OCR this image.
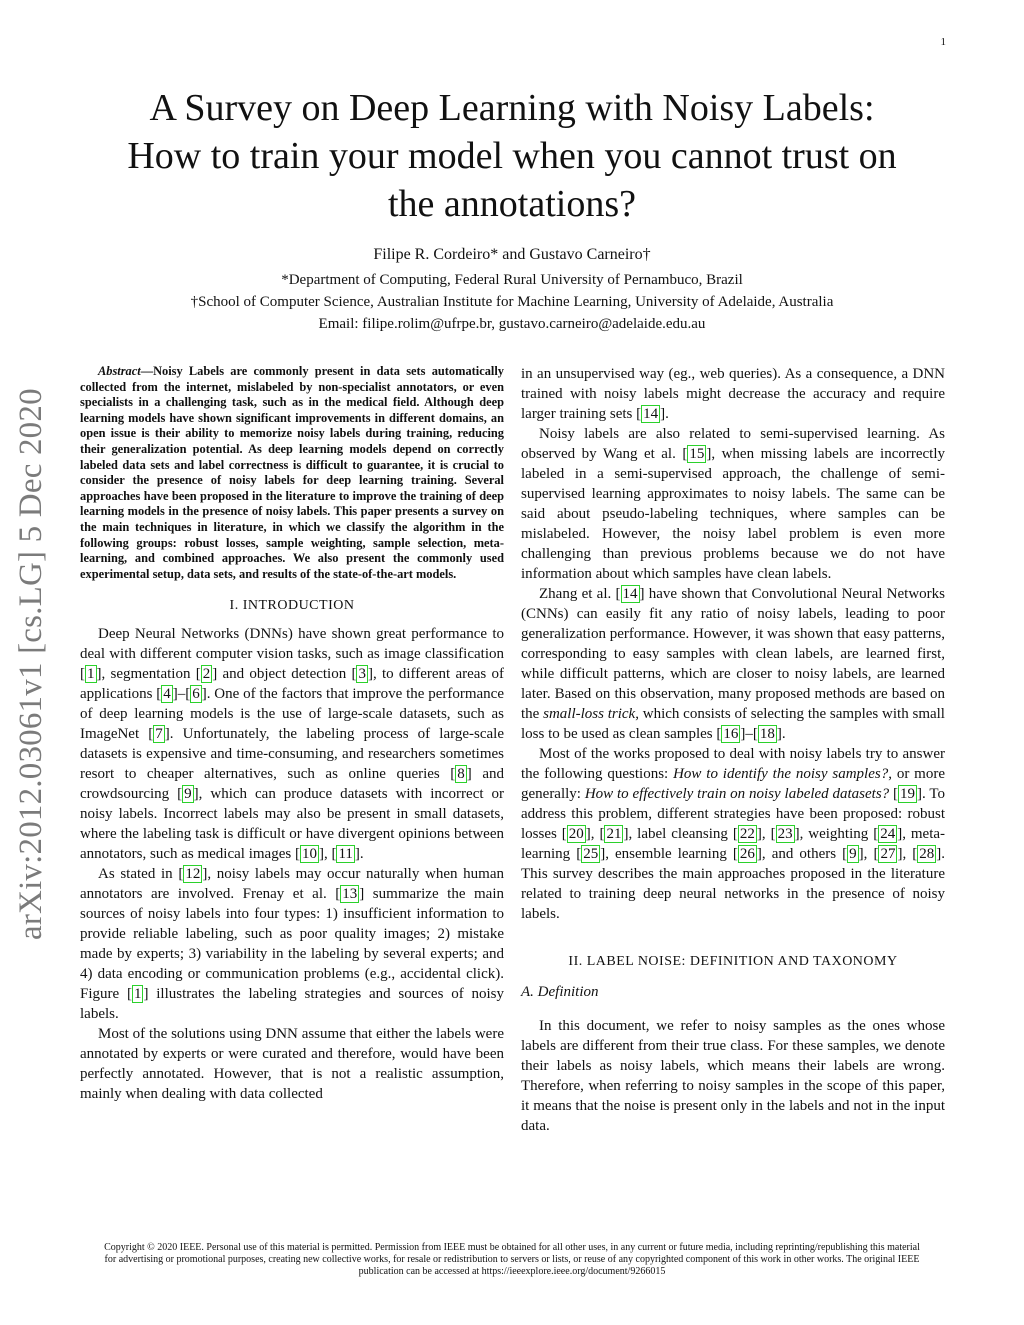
1
arXiv:2012.03061v1 [cs.LG] 5 Dec 2020
A Survey on Deep Learning with Noisy Labels:
How to train your model when you cannot trust on
the annotations?
Filipe R. Cordeiro* and Gustavo Carneiro†
*Department of Computing, Federal Rural University of Pernambuco, Brazil
†School of Computer Science, Australian Institute for Machine Learning, University of Adelaide, Australia
Email: filipe.rolim@ufrpe.br, gustavo.carneiro@adelaide.edu.au

Abstract—Noisy Labels are commonly present in data sets automatically collected from the internet, mislabeled by non-specialist annotators, or even specialists in a challenging task, such as in the medical field. Although deep learning models have shown significant improvements in different domains, an open issue is their ability to memorize noisy labels during training, reducing their generalization potential. As deep learning models depend on correctly labeled data sets and label correctness is difficult to guarantee, it is crucial to consider the presence of noisy labels for deep learning training. Several approaches have been proposed in the literature to improve the training of deep learning models in the presence of noisy labels. This paper presents a survey on the main techniques in literature, in which we classify the algorithm in the following groups: robust losses, sample weighting, sample selection, meta-learning, and combined approaches. We also present the commonly used experimental setup, data sets, and results of the state-of-the-art models.

I. INTRODUCTION

Deep Neural Networks (DNNs) have shown great performance to deal with different computer vision tasks, such as image classification [ 1 ] , segmentation [ 2 ] and object detection [ 3 ] , to different areas of applications [ 4 ] – [ 6 ] . One of the factors that improve the performance of deep learning models is the use of large-scale datasets, such as ImageNet [ 7 ] . Unfortunately, the labeling process of large-scale datasets is expensive and time-consuming, and researchers sometimes resort to cheaper alternatives, such as online queries [ 8 ] and crowdsourcing [ 9 ] , which can produce datasets with incorrect or noisy labels. Incorrect labels may also be present in small datasets, where the labeling task is difficult or have divergent opinions between annotators, such as medical images [ 10 ] , [ 11 ] .

As stated in [ 12 ] , noisy labels may occur naturally when human annotators are involved. Frenay et al. [ 13 ] summarize the main sources of noisy labels into four types: 1) insufficient information to provide reliable labeling, such as poor quality images; 2) mistake made by experts; 3) variability in the labeling by several experts; and 4) data encoding or communication problems (e.g., accidental click). Figure [ 1 ] illustrates the labeling strategies and sources of noisy labels.

Most of the solutions using DNN assume that either the labels were annotated by experts or were curated and therefore, would have been perfectly annotated. However, that is not a realistic assumption, mainly when dealing with data collected

in an unsupervised way (eg., web queries). As a consequence, a DNN trained with noisy labels might decrease the accuracy and require larger training sets [ 14 ] .

Noisy labels are also related to semi-supervised learning. As observed by Wang et al. [ 15 ] , when missing labels are incorrectly labeled in a semi-supervised approach, the challenge of semi-supervised learning approximates to noisy labels. The same can be said about pseudo-labeling techniques, where samples can be mislabeled. However, the noisy label problem is even more challenging than previous problems because we do not have information about which samples have clean labels.

Zhang et al. [ 14 ] have shown that Convolutional Neural Networks (CNNs) can easily fit any ratio of noisy labels, leading to poor generalization performance. However, it was shown that easy patterns, corresponding to easy samples with clean labels, are learned first, while difficult patterns, which are closer to noisy labels, are learned later. Based on this observation, many proposed methods are based on the small-loss trick, which consists of selecting the samples with small loss to be used as clean samples [ 16 ] – [ 18 ] .

Most of the works proposed to deal with noisy labels try to answer the following questions: How to identify the noisy samples?, or more generally: How to effectively train on noisy labeled datasets? [ 19 ] . To address this problem, different strategies have been proposed: robust losses [ 20 ] , [ 21 ] , label cleansing [ 22 ] , [ 23 ] , weighting [ 24 ] , meta-learning [ 25 ] , ensemble learning [ 26 ] , and others [ 9 ] , [ 27 ] , [ 28 ] . This survey describes the main approaches proposed in the literature related to training deep neural networks in the presence of noisy labels.

II. LABEL NOISE: DEFINITION AND TAXONOMY
A. Definition

In this document, we refer to noisy samples as the ones whose labels are different from their true class. For these samples, we denote their labels as noisy labels, which means their labels are wrong. Therefore, when referring to noisy samples in the scope of this paper, it means that the noise is present only in the labels and not in the input data.

Copyright © 2020 IEEE. Personal use of this material is permitted. Permission from IEEE must be obtained for all other uses, in any current or future media, including reprinting/republishing this material for advertising or promotional purposes, creating new collective works, for resale or redistribution to servers or lists, or reuse of any copyrighted component of this work in other works. The original IEEE publication can be accessed at https://ieeexplore.ieee.org/document/9266015
